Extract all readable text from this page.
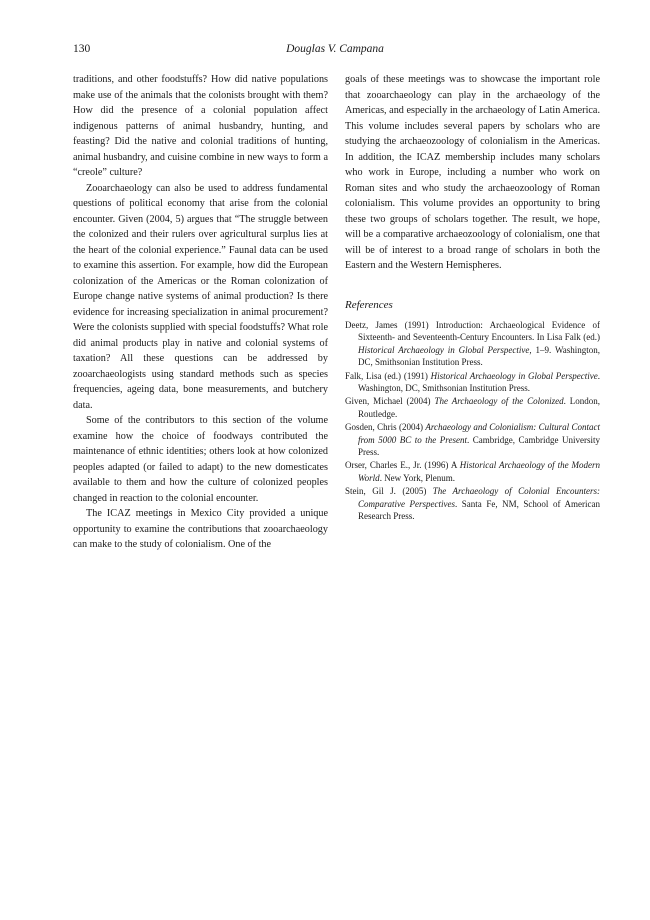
130	Douglas V. Campana

traditions, and other foodstuffs? How did native populations make use of the animals that the colonists brought with them? How did the presence of a colonial population affect indigenous patterns of animal husbandry, hunting, and feasting? Did the native and colonial traditions of hunting, animal husbandry, and cuisine combine in new ways to form a “creole” culture?

Zooarchaeology can also be used to address fundamental questions of political economy that arise from the colonial encounter. Given (2004, 5) argues that “The struggle between the colonized and their rulers over agricultural surplus lies at the heart of the colonial experience.” Faunal data can be used to examine this assertion. For example, how did the European colonization of the Americas or the Roman colonization of Europe change native systems of animal production? Is there evidence for increasing specialization in animal procurement? Were the colonists supplied with special foodstuffs? What role did animal products play in native and colonial systems of taxation? All these questions can be addressed by zooarchaeologists using standard methods such as species frequencies, ageing data, bone measurements, and butchery data.

Some of the contributors to this section of the volume examine how the choice of foodways contributed the maintenance of ethnic identities; others look at how colonized peoples adapted (or failed to adapt) to the new domesticates available to them and how the culture of colonized peoples changed in reaction to the colonial encounter.

The ICAZ meetings in Mexico City provided a unique opportunity to examine the contributions that zooarchaeology can make to the study of colonialism. One of the

goals of these meetings was to showcase the important role that zooarchaeology can play in the archaeology of the Americas, and especially in the archaeology of Latin America. This volume includes several papers by scholars who are studying the archaeozoology of colonialism in the Americas. In addition, the ICAZ membership includes many scholars who work in Europe, including a number who work on Roman sites and who study the archaeozoology of Roman colonialism. This volume provides an opportunity to bring these two groups of scholars together. The result, we hope, will be a comparative archaeozoology of colonialism, one that will be of interest to a broad range of scholars in both the Eastern and the Western Hemispheres.

References
Deetz, James (1991) Introduction: Archaeological Evidence of Sixteenth- and Seventeenth-Century Encounters. In Lisa Falk (ed.) Historical Archaeology in Global Perspective, 1–9. Washington, DC, Smithsonian Institution Press.
Falk, Lisa (ed.) (1991) Historical Archaeology in Global Perspective. Washington, DC, Smithsonian Institution Press.
Given, Michael (2004) The Archaeology of the Colonized. London, Routledge.
Gosden, Chris (2004) Archaeology and Colonialism: Cultural Contact from 5000 BC to the Present. Cambridge, Cambridge University Press.
Orser, Charles E., Jr. (1996) A Historical Archaeology of the Modern World. New York, Plenum.
Stein, Gil J. (2005) The Archaeology of Colonial Encounters: Comparative Perspectives. Santa Fe, NM, School of American Research Press.
